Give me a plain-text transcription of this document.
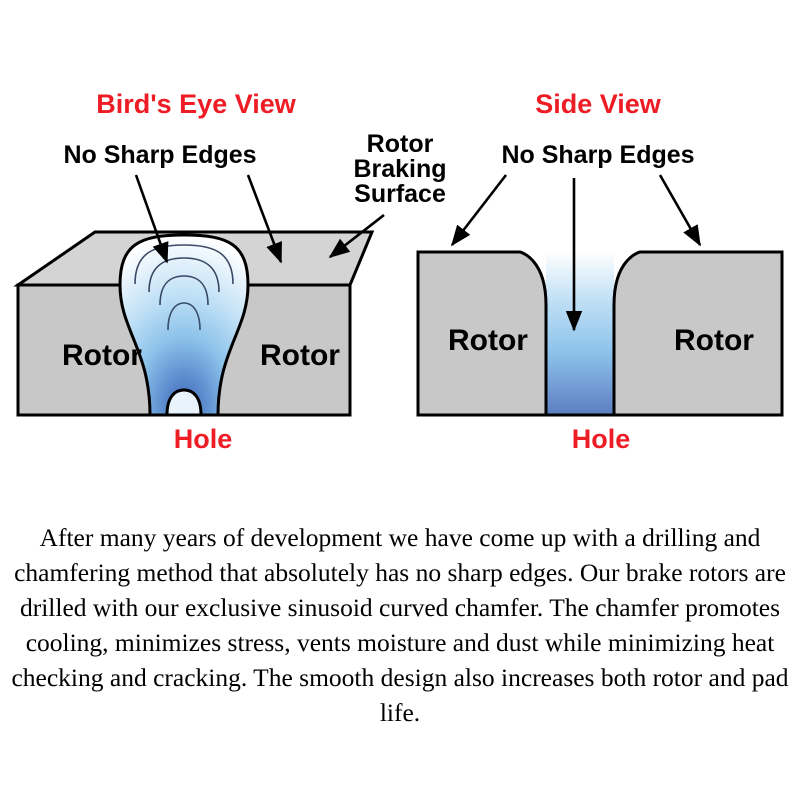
Bird's Eye View
No Sharp Edges	Rotor
Braking
Surface
Rotor	Rotor
Hole
Side View
No Sharp Edges
Rotor	Rotor
Hole
After many years of development we have come up with a drilling and chamfering method that absolutely has no sharp edges. Our brake rotors are drilled with our exclusive sinusoid curved chamfer. The chamfer promotes cooling, minimizes stress, vents moisture and dust while minimizing heat checking and cracking. The smooth design also increases both rotor and pad life.
